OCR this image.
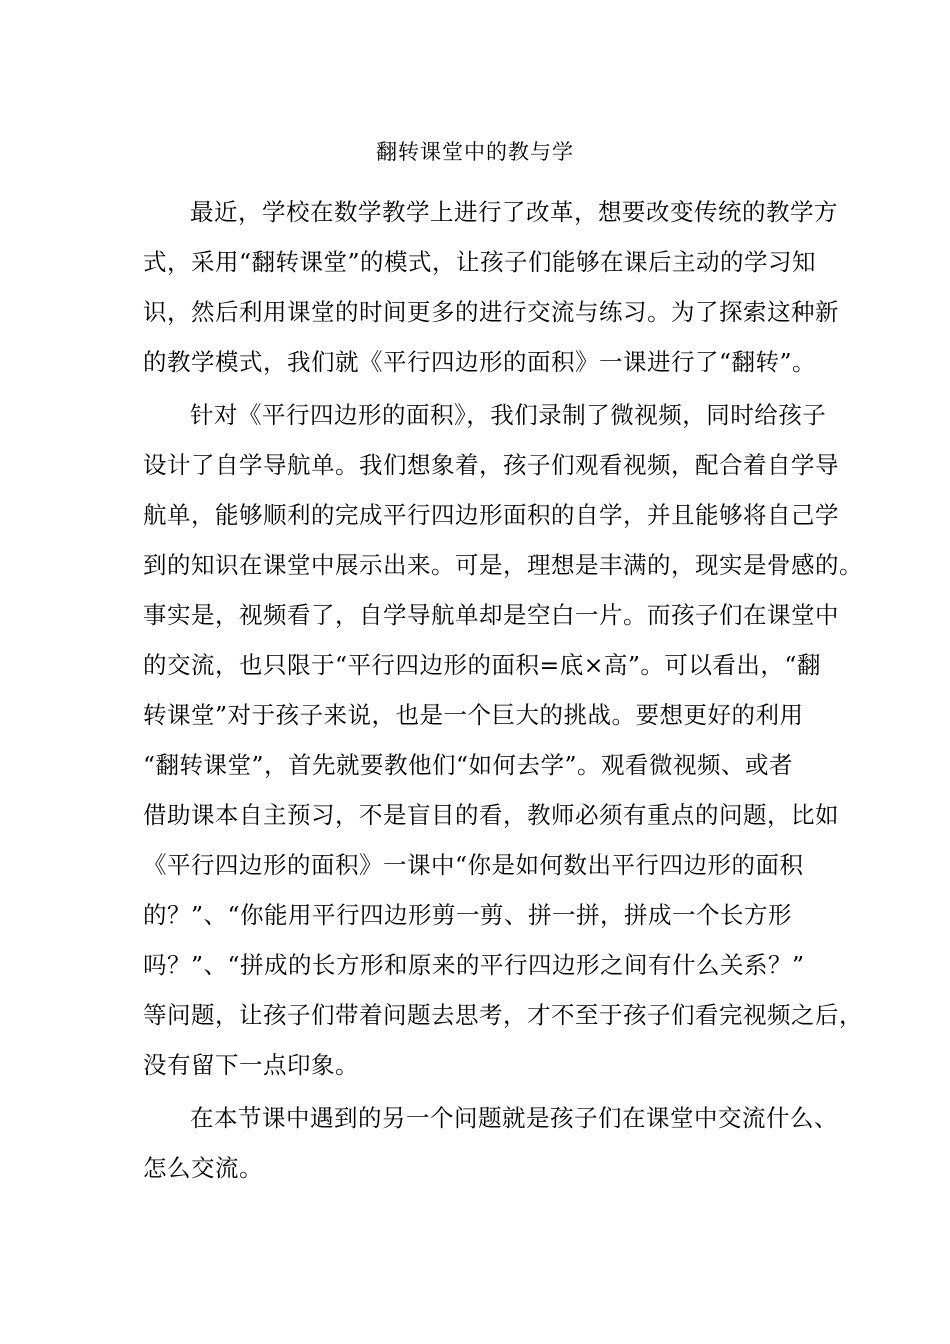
翻转课堂中的教与学
最近，学校在数学教学上进行了改革，想要改变传统的教学方
式，采用“翻转课堂”的模式，让孩子们能够在课后主动的学习知
识，然后利用课堂的时间更多的进行交流与练习。为了探索这种新
的教学模式，我们就《平行四边形的面积》一课进行了“翻转”。
针对《平行四边形的面积》，我们录制了微视频，同时给孩子
设计了自学导航单。我们想象着，孩子们观看视频，配合着自学导
航单，能够顺利的完成平行四边形面积的自学，并且能够将自己学
到的知识在课堂中展示出来。可是，理想是丰满的，现实是骨感的。
事实是，视频看了，自学导航单却是空白一片。而孩子们在课堂中
的交流，也只限于“平行四边形的面积=底×高”。可以看出，“翻
转课堂”对于孩子来说，也是一个巨大的挑战。要想更好的利用
“翻转课堂”，首先就要教他们“如何去学”。观看微视频、或者
借助课本自主预习，不是盲目的看，教师必须有重点的问题，比如
《平行四边形的面积》一课中“你是如何数出平行四边形的面积
的？”、“你能用平行四边形剪一剪、拼一拼，拼成一个长方形
吗？”、“拼成的长方形和原来的平行四边形之间有什么关系？”
等问题，让孩子们带着问题去思考，才不至于孩子们看完视频之后，
没有留下一点印象。
在本节课中遇到的另一个问题就是孩子们在课堂中交流什么、
怎么交流。
